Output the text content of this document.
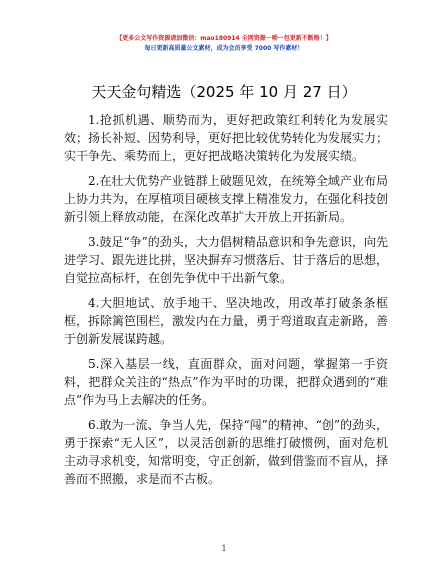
【更多公文写作资源请加微信：mao180914 全网资源一呦一包更新不断赂！】
每日更新高质量公文素材，成为会员享受 7000 写作素材！
天天金句精选（2025 年 10 月 27 日）

1.抢抓机遇、顺势而为，更好把政策红利转化为发展实效；扬长补短、因势利导，更好把比较优势转化为发展实力；实干争先、乘势而上，更好把战略决策转化为发展实绩。

2.在壮大优势产业链群上破题见效，在统筹全域产业布局上协力共为，在厚植项目硬核支撑上精准发力，在强化科技创新引领上释放动能，在深化改革扩大开放上开拓新局。

3.鼓足“争”的劲头，大力倡树精品意识和争先意识，向先进学习、跟先进比拼，坚决摒弃习惯落后、甘于落后的思想，自觉拉高标杆，在创先争优中干出新气象。

4.大胆地试、放手地干、坚决地改，用改革打破条条框框，拆除篱笆围栏，激发内在力量，勇于弯道取直走新路，善于创新发展谋跨越。

5.深入基层一线，直面群众，面对问题，掌握第一手资料，把群众关注的“热点”作为平时的功课，把群众遇到的“难点”作为马上去解决的任务。

6.敢为一流、争当人先，保持“闯”的精神、“创”的劲头，勇于探索“无人区”，以灵活创新的思维打破惯例，面对危机主动寻求机变，知常明变，守正创新，做到借鉴而不盲从，择善而不照搬，求是而不古板。

1
